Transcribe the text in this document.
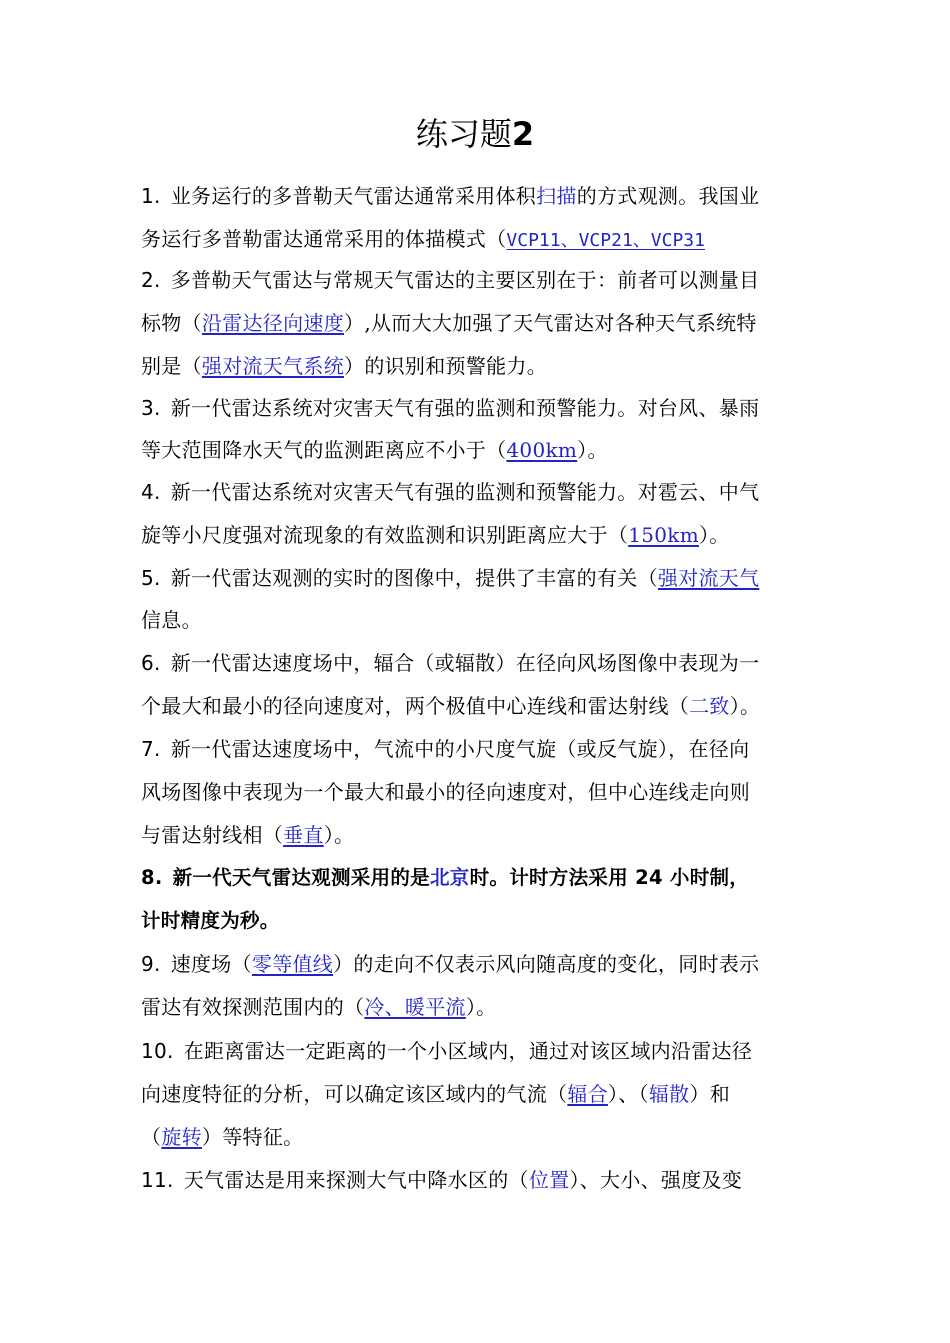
练习题2
1. 业务运行的多普勒天气雷达通常采用体积扫描的方式观测。我国业
务运行多普勒雷达通常采用的体描模式（VCP11、VCP21、VCP31
2. 多普勒天气雷达与常规天气雷达的主要区别在于：前者可以测量目
标物（沿雷达径向速度）,从而大大加强了天气雷达对各种天气系统特
别是（强对流天气系统）的识别和预警能力。
3. 新一代雷达系统对灾害天气有强的监测和预警能力。对台风、暴雨
等大范围降水天气的监测距离应不小于（400km）。
4. 新一代雷达系统对灾害天气有强的监测和预警能力。对雹云、中气
旋等小尺度强对流现象的有效监测和识别距离应大于（150km）。
5. 新一代雷达观测的实时的图像中，提供了丰富的有关（强对流天气
信息。
6. 新一代雷达速度场中，辐合（或辐散）在径向风场图像中表现为一
个最大和最小的径向速度对，两个极值中心连线和雷达射线（二致）。
7. 新一代雷达速度场中，气流中的小尺度气旋（或反气旋），在径向
风场图像中表现为一个最大和最小的径向速度对，但中心连线走向则
与雷达射线相（垂直）。
8. 新一代天气雷达观测采用的是北京时。计时方法采用 24 小时制，
计时精度为秒。
9. 速度场（零等值线）的走向不仅表示风向随高度的变化，同时表示
雷达有效探测范围内的（冷、暖平流）。
10. 在距离雷达一定距离的一个小区域内，通过对该区域内沿雷达径
向速度特征的分析，可以确定该区域内的气流（辐合）、（辐散）和
（旋转）等特征。
11. 天气雷达是用来探测大气中降水区的（位置）、大小、强度及变
